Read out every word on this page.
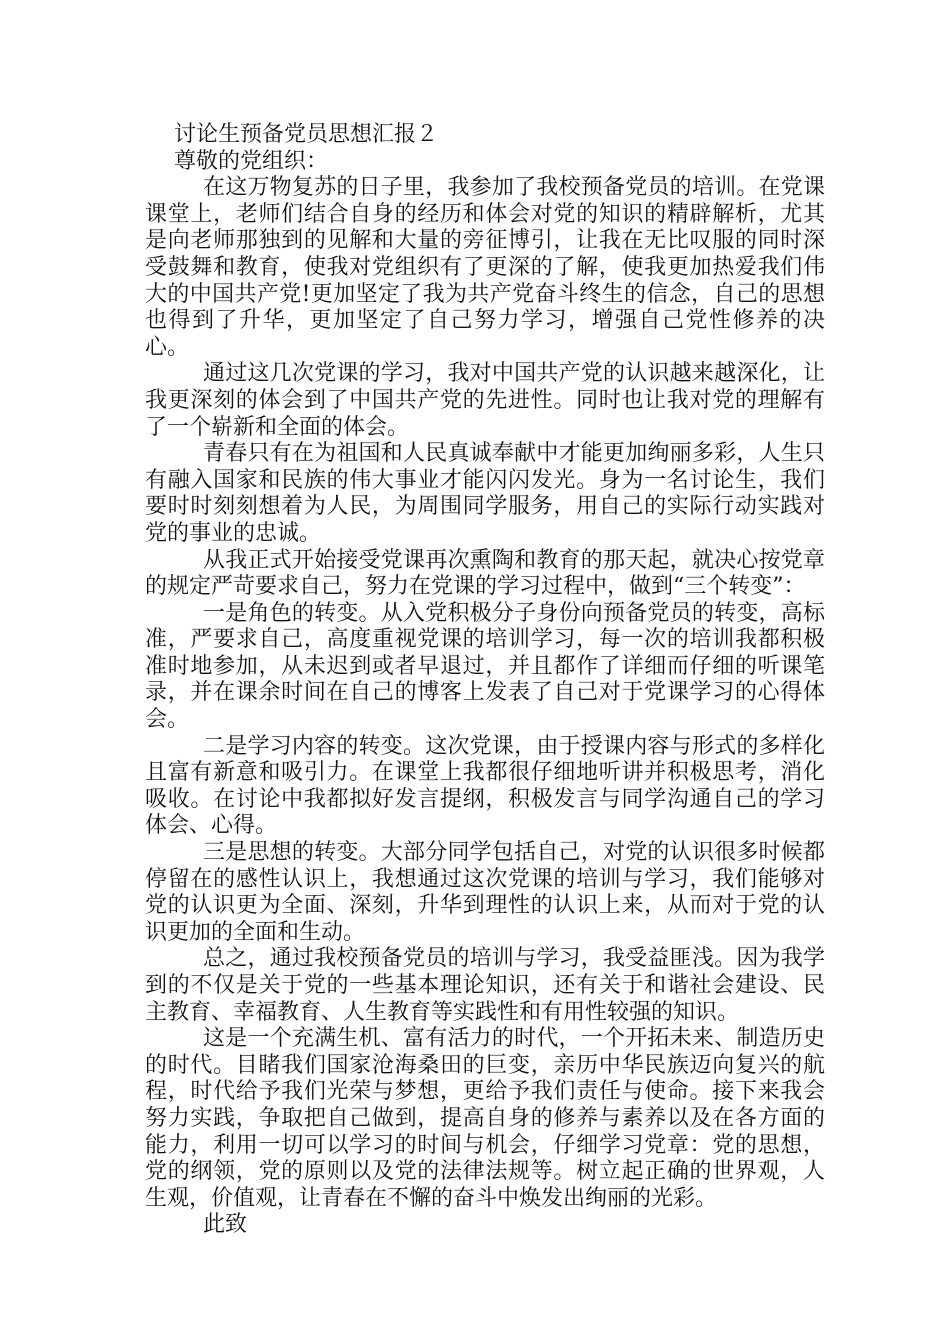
讨论生预备党员思想汇报２

尊敬的党组织：

在这万物复苏的日子里，我参加了我校预备党员的培训。在党课课堂上，老师们结合自身的经历和体会对党的知识的精辟解析，尤其是向老师那独到的见解和大量的旁征博引，让我在无比叹服的同时深受鼓舞和教育，使我对党组织有了更深的了解，使我更加热爱我们伟大的中国共产党!更加坚定了我为共产党奋斗终生的信念，自己的思想也得到了升华，更加坚定了自己努力学习，增强自己党性修养的决心。

通过这几次党课的学习，我对中国共产党的认识越来越深化，让我更深刻的体会到了中国共产党的先进性。同时也让我对党的理解有了一个崭新和全面的体会。

青春只有在为祖国和人民真诚奉献中才能更加绚丽多彩，人生只有融入国家和民族的伟大事业才能闪闪发光。身为一名讨论生，我们要时时刻刻想着为人民，为周围同学服务，用自己的实际行动实践对党的事业的忠诚。

从我正式开始接受党课再次熏陶和教育的那天起，就决心按党章的规定严苛要求自己，努力在党课的学习过程中，做到“三个转变”：

一是角色的转变。从入党积极分子身份向预备党员的转变，高标准，严要求自己，高度重视党课的培训学习，每一次的培训我都积极准时地参加，从未迟到或者早退过，并且都作了详细而仔细的听课笔录，并在课余时间在自己的博客上发表了自己对于党课学习的心得体会。

二是学习内容的转变。这次党课，由于授课内容与形式的多样化且富有新意和吸引力。在课堂上我都很仔细地听讲并积极思考，消化吸收。在讨论中我都拟好发言提纲，积极发言与同学沟通自己的学习体会、心得。

三是思想的转变。大部分同学包括自己，对党的认识很多时候都停留在的感性认识上，我想通过这次党课的培训与学习，我们能够对党的认识更为全面、深刻，升华到理性的认识上来，从而对于党的认识更加的全面和生动。

总之，通过我校预备党员的培训与学习，我受益匪浅。因为我学到的不仅是关于党的一些基本理论知识，还有关于和谐社会建设、民主教育、幸福教育、人生教育等实践性和有用性较强的知识。

这是一个充满生机、富有活力的时代，一个开拓未来、制造历史的时代。目睹我们国家沧海桑田的巨变，亲历中华民族迈向复兴的航程，时代给予我们光荣与梦想，更给予我们责任与使命。接下来我会努力实践，争取把自己做到，提高自身的修养与素养以及在各方面的能力，利用一切可以学习的时间与机会，仔细学习党章：党的思想，党的纲领，党的原则以及党的法律法规等。树立起正确的世界观，人生观，价值观，让青春在不懈的奋斗中焕发出绚丽的光彩。

此致
